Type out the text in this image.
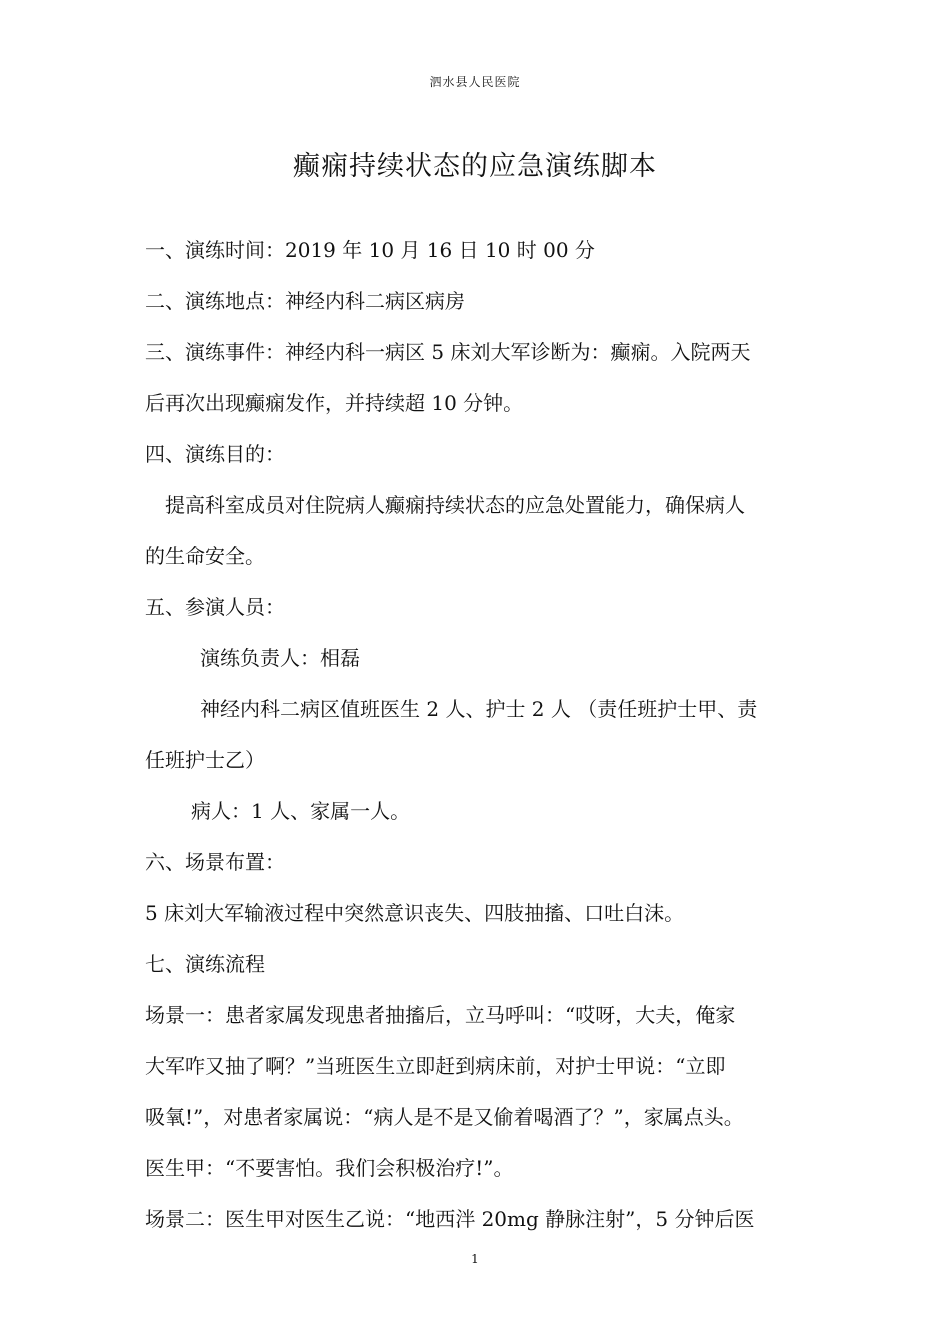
泗水县人民医院
癫痫持续状态的应急演练脚本
一、演练时间：2019 年 10 月 16 日 10 时 00 分
二、演练地点：神经内科二病区病房
三、演练事件：神经内科一病区 5 床刘大军诊断为：癫痫。入院两天
后再次出现癫痫发作，并持续超 10 分钟。
四、演练目的：
提高科室成员对住院病人癫痫持续状态的应急处置能力，确保病人
的生命安全。
五、参演人员：
演练负责人：相磊
神经内科二病区值班医生 2 人、护士 2 人 （责任班护士甲、责
任班护士乙）
病人：1 人、家属一人。
六、场景布置：
5 床刘大军输液过程中突然意识丧失、四肢抽搐、口吐白沫。
七、演练流程
场景一：患者家属发现患者抽搐后，立马呼叫：“哎呀，大夫，俺家
大军咋又抽了啊？”当班医生立即赶到病床前，对护士甲说：“立即
吸氧!”，对患者家属说：“病人是不是又偷着喝酒了？”，家属点头。
医生甲：“不要害怕。我们会积极治疗!”。
场景二：医生甲对医生乙说：“地西泮 20mg 静脉注射”，5 分钟后医
1
